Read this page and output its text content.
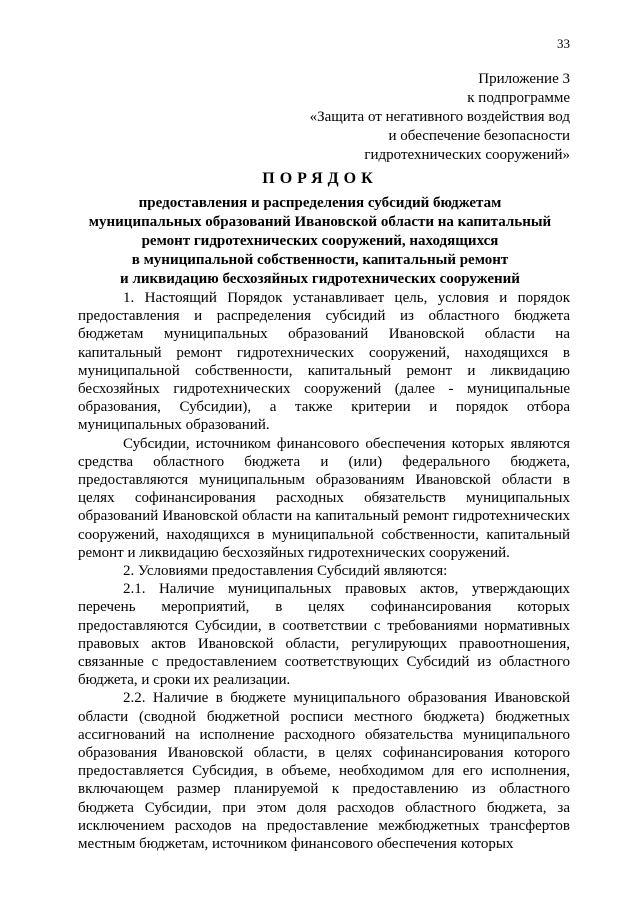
33
Приложение 3
к подпрограмме
«Защита от негативного воздействия вод
и обеспечение безопасности
гидротехнических сооружений»
ПОРЯДОК
предоставления и распределения субсидий бюджетам
муниципальных образований Ивановской области на капитальный
ремонт гидротехнических сооружений, находящихся
в муниципальной собственности, капитальный ремонт
и ликвидацию бесхозяйных гидротехнических сооружений

1. Настоящий Порядок устанавливает цель, условия и порядок предоставления и распределения субсидий из областного бюджета бюджетам муниципальных образований Ивановской области на капитальный ремонт гидротехнических сооружений, находящихся в муниципальной собственности, капитальный ремонт и ликвидацию бесхозяйных гидротехнических сооружений (далее - муниципальные образования, Субсидии), а также критерии и порядок отбора муниципальных образований.

Субсидии, источником финансового обеспечения которых являются средства областного бюджета и (или) федерального бюджета, предоставляются муниципальным образованиям Ивановской области в целях софинансирования расходных обязательств муниципальных образований Ивановской области на капитальный ремонт гидротехнических сооружений, находящихся в муниципальной собственности, капитальный ремонт и ликвидацию бесхозяйных гидротехнических сооружений.

2. Условиями предоставления Субсидий являются:

2.1. Наличие муниципальных правовых актов, утверждающих перечень мероприятий, в целях софинансирования которых предоставляются Субсидии, в соответствии с требованиями нормативных правовых актов Ивановской области, регулирующих правоотношения, связанные с предоставлением соответствующих Субсидий из областного бюджета, и сроки их реализации.

2.2. Наличие в бюджете муниципального образования Ивановской области (сводной бюджетной росписи местного бюджета) бюджетных ассигнований на исполнение расходного обязательства муниципального образования Ивановской области, в целях софинансирования которого предоставляется Субсидия, в объеме, необходимом для его исполнения, включающем размер планируемой к предоставлению из областного бюджета Субсидии, при этом доля расходов областного бюджета, за исключением расходов на предоставление межбюджетных трансфертов местным бюджетам, источником финансового обеспечения которых
